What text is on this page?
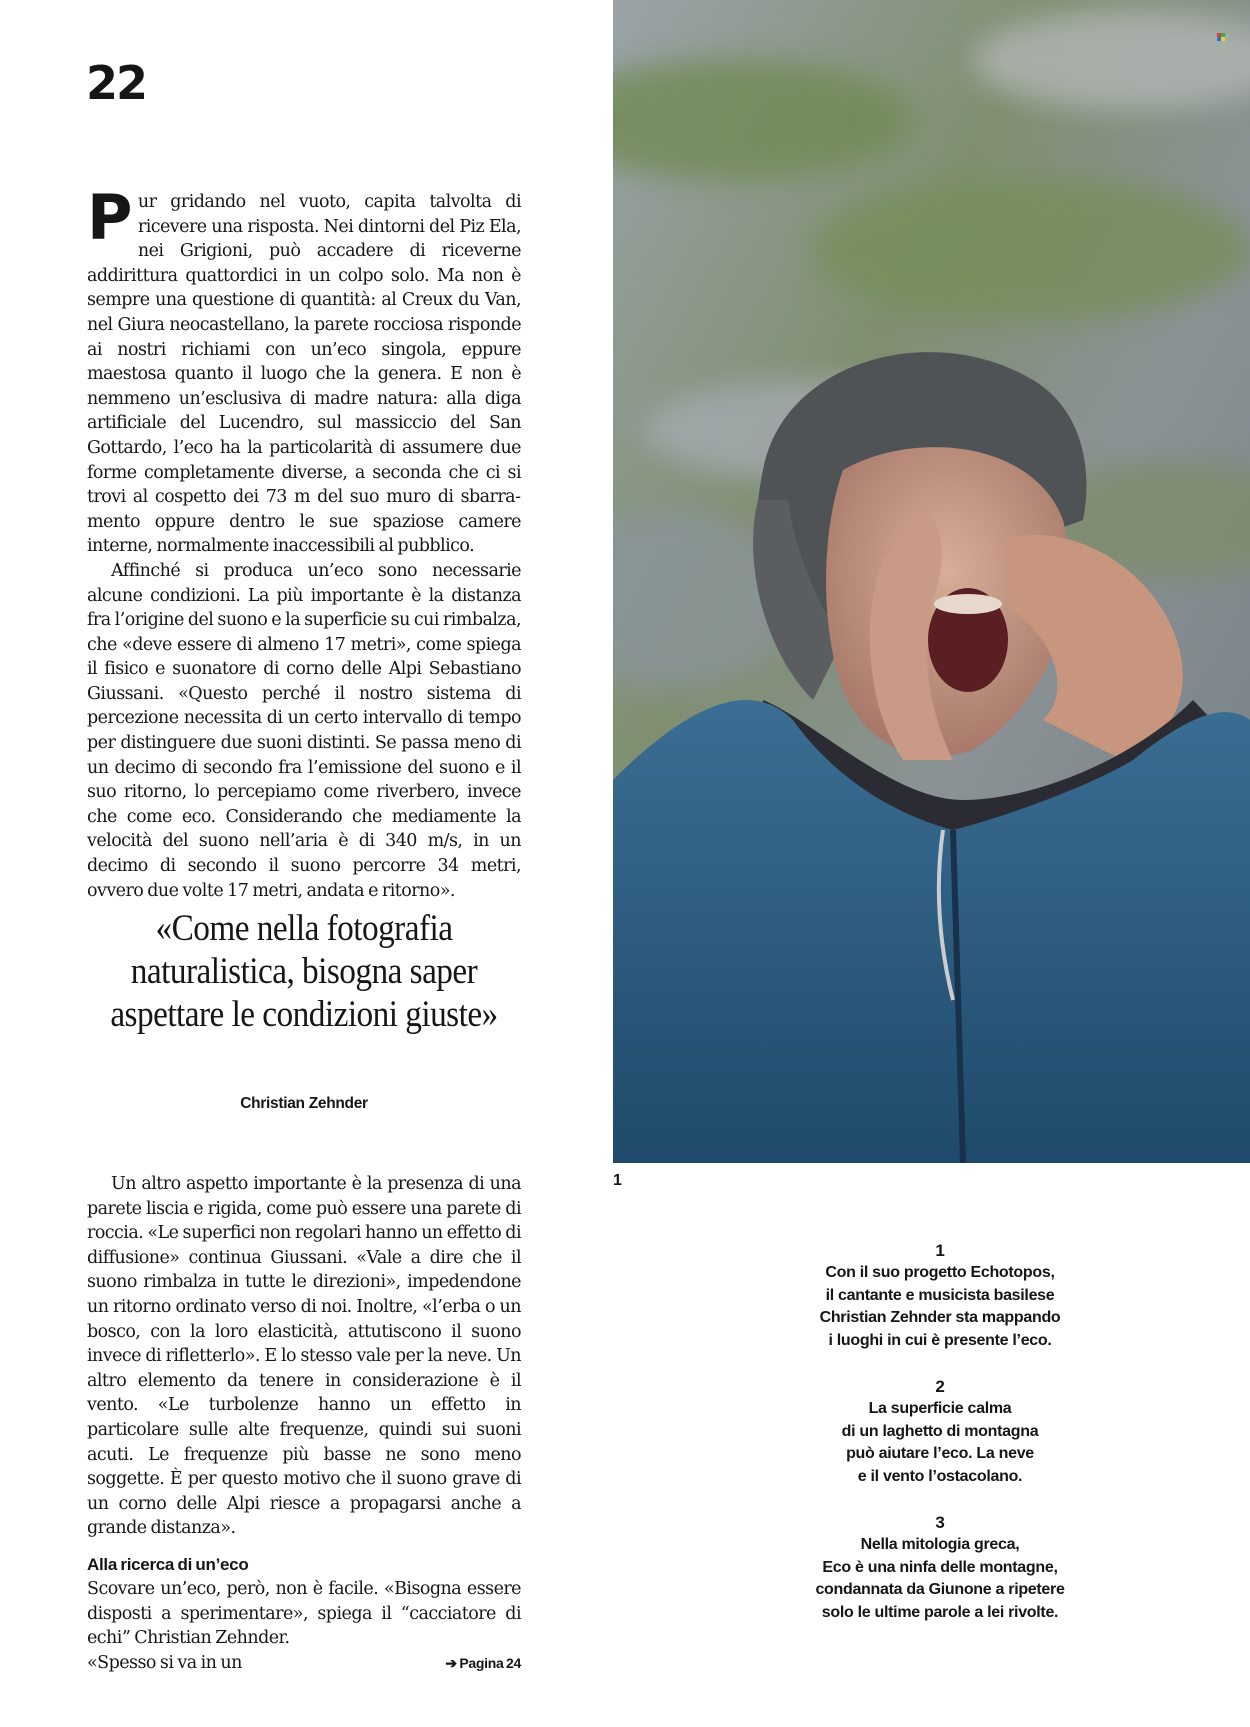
22

Pur gridando nel vuoto, capita talvolta di ricevere una risposta. Nei dintorni del Piz Ela, nei Grigioni, può accadere di riceverne addirittura quattordici in un colpo solo. Ma non è sempre una questione di quantità: al Creux du Van, nel Giura neocastellano, la parete rocciosa risponde ai nostri richiami con un’eco singola, eppure maestosa quanto il luogo che la genera. E non è nemmeno un’esclusiva di madre natura: alla diga artificiale del Lucendro, sul massiccio del San Gottardo, l’eco ha la particolarità di assumere due forme completamente diverse, a seconda che ci si trovi al cospetto dei 73 m del suo muro di sbarramento oppure dentro le sue spaziose camere interne, normalmente inaccessibili al pubblico.

Affinché si produca un’eco sono necessarie alcune condizioni. La più importante è la distanza fra l’origine del suono e la superficie su cui rimbalza, che «deve essere di almeno 17 metri», come spiega il fisico e suonatore di corno delle Alpi Sebastiano Giussani. «Questo perché il nostro sistema di percezione necessita di un certo intervallo di tempo per distinguere due suoni distinti. Se passa meno di un decimo di secondo fra l’emissione del suono e il suo ritorno, lo percepiamo come riverbero, invece che come eco. Considerando che mediamente la velocità del suono nell’aria è di 340 m/s, in un decimo di secondo il suono percorre 34 metri, ovvero due volte 17 metri, andata e ritorno».

«Come nella fotografia naturalistica, bisogna saper aspettare le condizioni giuste»
Christian Zehnder

Un altro aspetto importante è la presenza di una parete liscia e rigida, come può essere una parete di roccia. «Le superfici non regolari hanno un effetto di diffusione» continua Giussani. «Vale a dire che il suono rimbalza in tutte le direzioni», impedendone un ritorno ordinato verso di noi. Inoltre, «l’erba o un bosco, con la loro elasticità, attutiscono il suono invece di rifletterlo». E lo stesso vale per la neve. Un altro elemento da tenere in considerazione è il vento. «Le turbolenze hanno un effetto in particolare sulle alte frequenze, quindi sui suoni acuti. Le frequenze più basse ne sono meno soggette. È per questo motivo che il suono grave di un corno delle Alpi riesce a propagarsi anche a grande distanza».

Alla ricerca di un’eco

Scovare un’eco, però, non è facile. «Bisogna essere disposti a sperimentare», spiega il “cacciatore di echi” Christian Zehnder.

«Spesso si va in un	➔ Pagina 24
1
1
Con il suo progetto Echotopos,
il cantante e musicista basilese
Christian Zehnder sta mappando
i luoghi in cui è presente l’eco.
2
La superficie calma
di un laghetto di montagna
può aiutare l’eco. La neve
e il vento l’ostacolano.
3
Nella mitologia greca,
Eco è una ninfa delle montagne,
condannata da Giunone a ripetere
solo le ultime parole a lei rivolte.
